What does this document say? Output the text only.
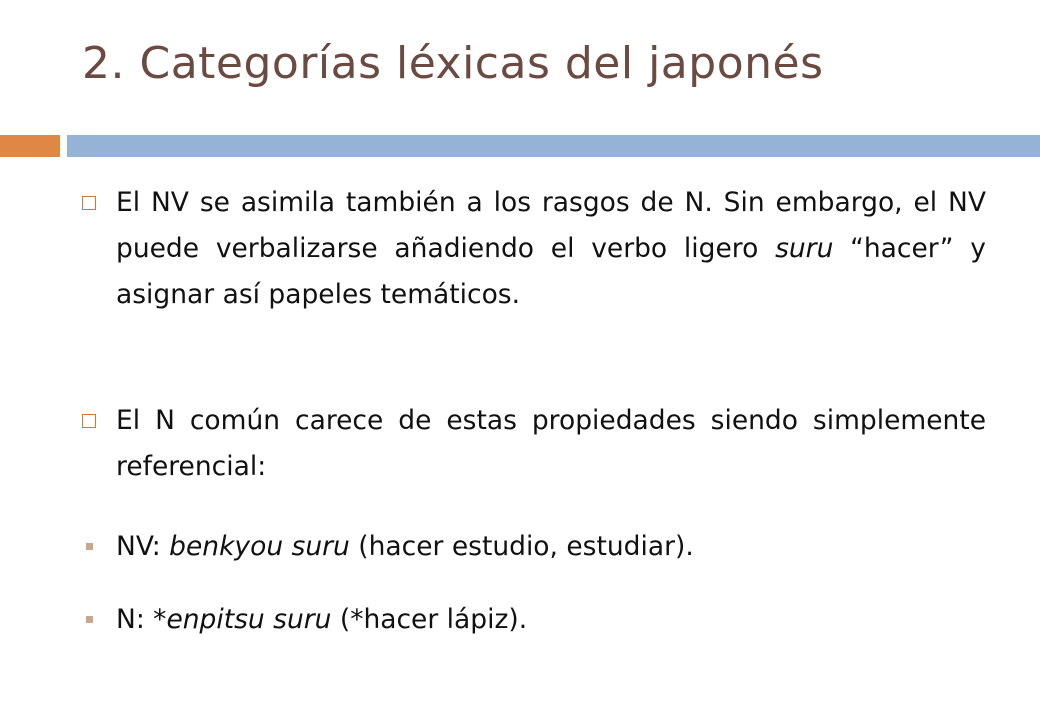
2. Categorías léxicas del japonés
El NV se asimila también a los rasgos de N. Sin embargo, el NV puede verbalizarse añadiendo el verbo ligero suru “hacer” y asignar así papeles temáticos.
El N común carece de estas propiedades siendo simplemente referencial:
NV: benkyou suru (hacer estudio, estudiar).
N: *enpitsu suru (*hacer lápiz).
